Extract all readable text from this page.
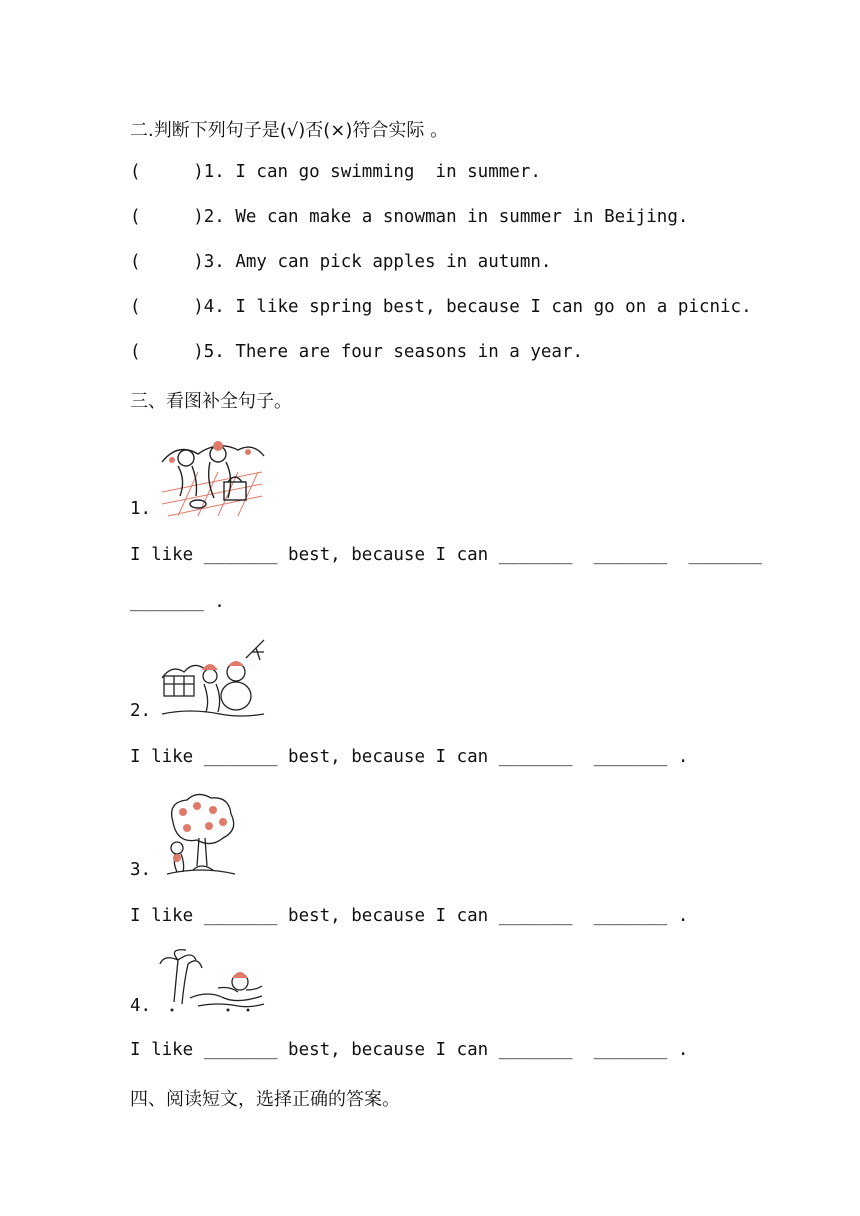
二.判断下列句子是(√)否(×)符合实际 。
(     )1. I can go swimming  in summer.
(     )2. We can make a snowman in summer in Beijing.
(     )3. Amy can pick apples in autumn.
(     )4. I like spring best, because I can go on a picnic.
(     )5. There are four seasons in a year.
三、看图补全句子。
1.
I like _______ best, because I can _______  _______  _______
_______ .
2.
I like _______ best, because I can _______  _______ .
3.
I like _______ best, because I can _______  _______ .
4.
I like _______ best, because I can _______  _______ .
四、阅读短文，选择正确的答案。
